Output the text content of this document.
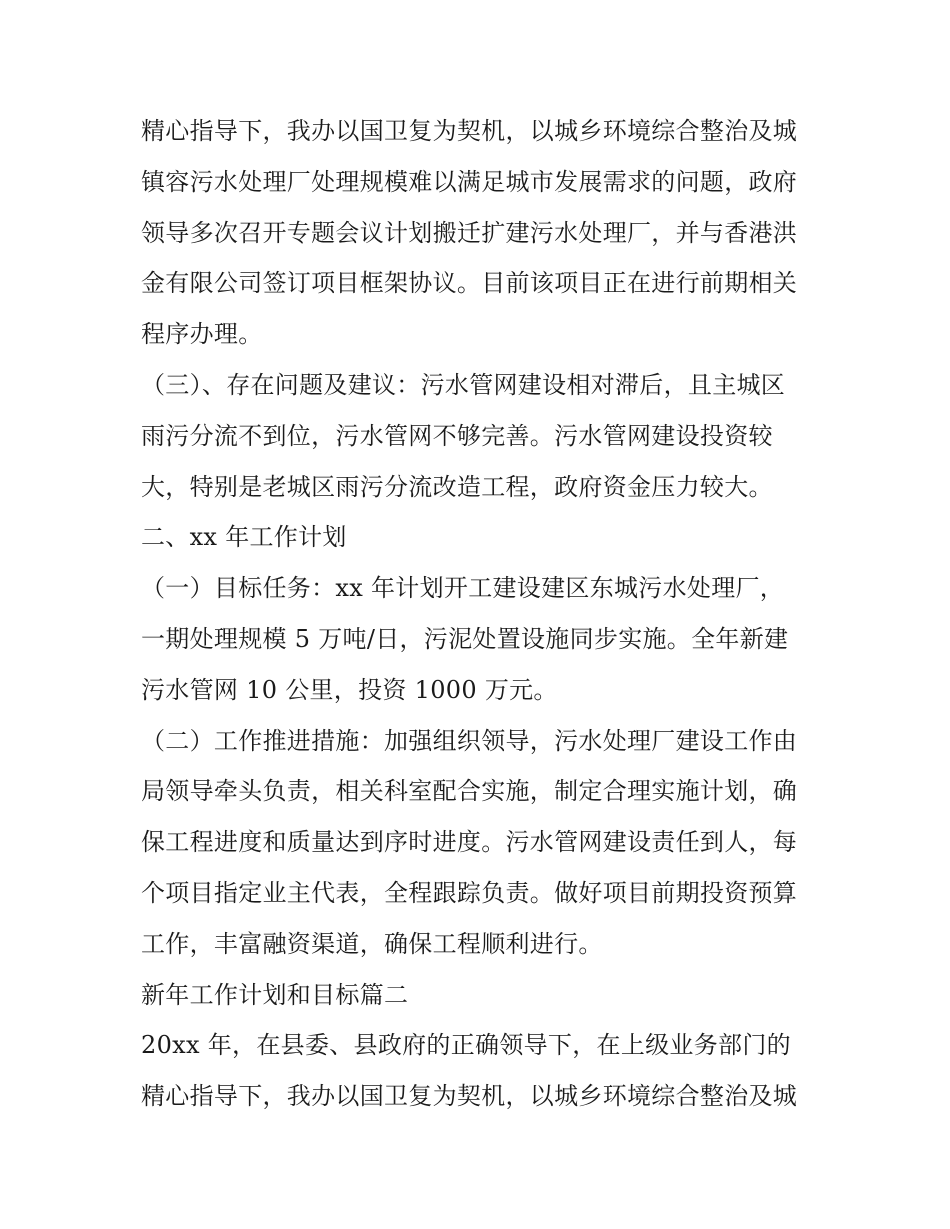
精心指导下，我办以国卫复为契机，以城乡环境综合整治及城
镇容污水处理厂处理规模难以满足城市发展需求的问题，政府
领导多次召开专题会议计划搬迁扩建污水处理厂，并与香港洪
金有限公司签订项目框架协议。目前该项目正在进行前期相关
程序办理。
（三）、存在问题及建议：污水管网建设相对滞后，且主城区
雨污分流不到位，污水管网不够完善。污水管网建设投资较
大，特别是老城区雨污分流改造工程，政府资金压力较大。
二、xx 年工作计划
（一）目标任务：xx 年计划开工建设建区东城污水处理厂，
一期处理规模 5 万吨/日，污泥处置设施同步实施。全年新建
污水管网 10 公里，投资 1000 万元。
（二）工作推进措施：加强组织领导，污水处理厂建设工作由
局领导牵头负责，相关科室配合实施，制定合理实施计划，确
保工程进度和质量达到序时进度。污水管网建设责任到人，每
个项目指定业主代表，全程跟踪负责。做好项目前期投资预算
工作，丰富融资渠道，确保工程顺利进行。
新年工作计划和目标篇二
20xx 年，在县委、县政府的正确领导下，在上级业务部门的
精心指导下，我办以国卫复为契机，以城乡环境综合整治及城
